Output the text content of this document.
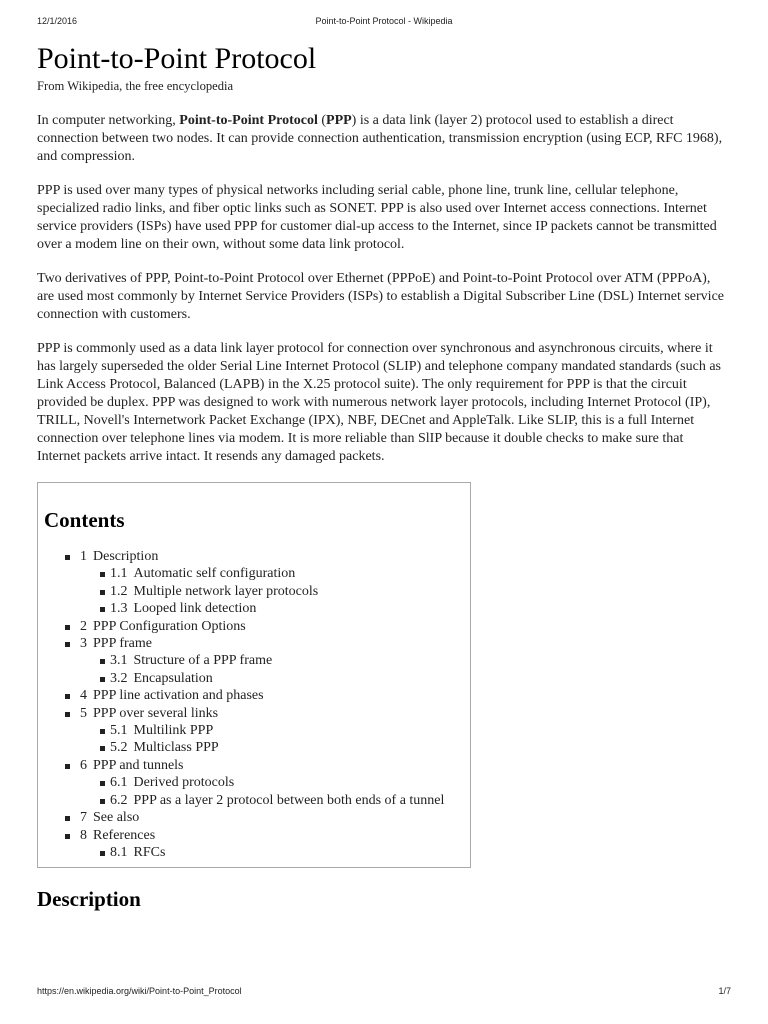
12/1/2016	Point-to-Point Protocol - Wikipedia
Point-to-Point Protocol
From Wikipedia, the free encyclopedia

In computer networking, Point-to-Point Protocol (PPP) is a data link (layer 2) protocol used to establish a direct connection between two nodes. It can provide connection authentication, transmission encryption (using ECP, RFC 1968), and compression.

PPP is used over many types of physical networks including serial cable, phone line, trunk line, cellular telephone, specialized radio links, and fiber optic links such as SONET. PPP is also used over Internet access connections. Internet service providers (ISPs) have used PPP for customer dial-up access to the Internet, since IP packets cannot be transmitted over a modem line on their own, without some data link protocol.

Two derivatives of PPP, Point-to-Point Protocol over Ethernet (PPPoE) and Point-to-Point Protocol over ATM (PPPoA), are used most commonly by Internet Service Providers (ISPs) to establish a Digital Subscriber Line (DSL) Internet service connection with customers.

PPP is commonly used as a data link layer protocol for connection over synchronous and asynchronous circuits, where it has largely superseded the older Serial Line Internet Protocol (SLIP) and telephone company mandated standards (such as Link Access Protocol, Balanced (LAPB) in the X.25 protocol suite). The only requirement for PPP is that the circuit provided be duplex. PPP was designed to work with numerous network layer protocols, including Internet Protocol (IP), TRILL, Novell's Internetwork Packet Exchange (IPX), NBF, DECnet and AppleTalk. Like SLIP, this is a full Internet connection over telephone lines via modem. It is more reliable than SlIP because it double checks to make sure that Internet packets arrive intact. It resends any damaged packets.

Contents
1 Description
1.1 Automatic self configuration
1.2 Multiple network layer protocols
1.3 Looped link detection
2 PPP Configuration Options
3 PPP frame
3.1 Structure of a PPP frame
3.2 Encapsulation
4 PPP line activation and phases
5 PPP over several links
5.1 Multilink PPP
5.2 Multiclass PPP
6 PPP and tunnels
6.1 Derived protocols
6.2 PPP as a layer 2 protocol between both ends of a tunnel
7 See also
8 References
8.1 RFCs
Description
https://en.wikipedia.org/wiki/Point-to-Point_Protocol	1/7
